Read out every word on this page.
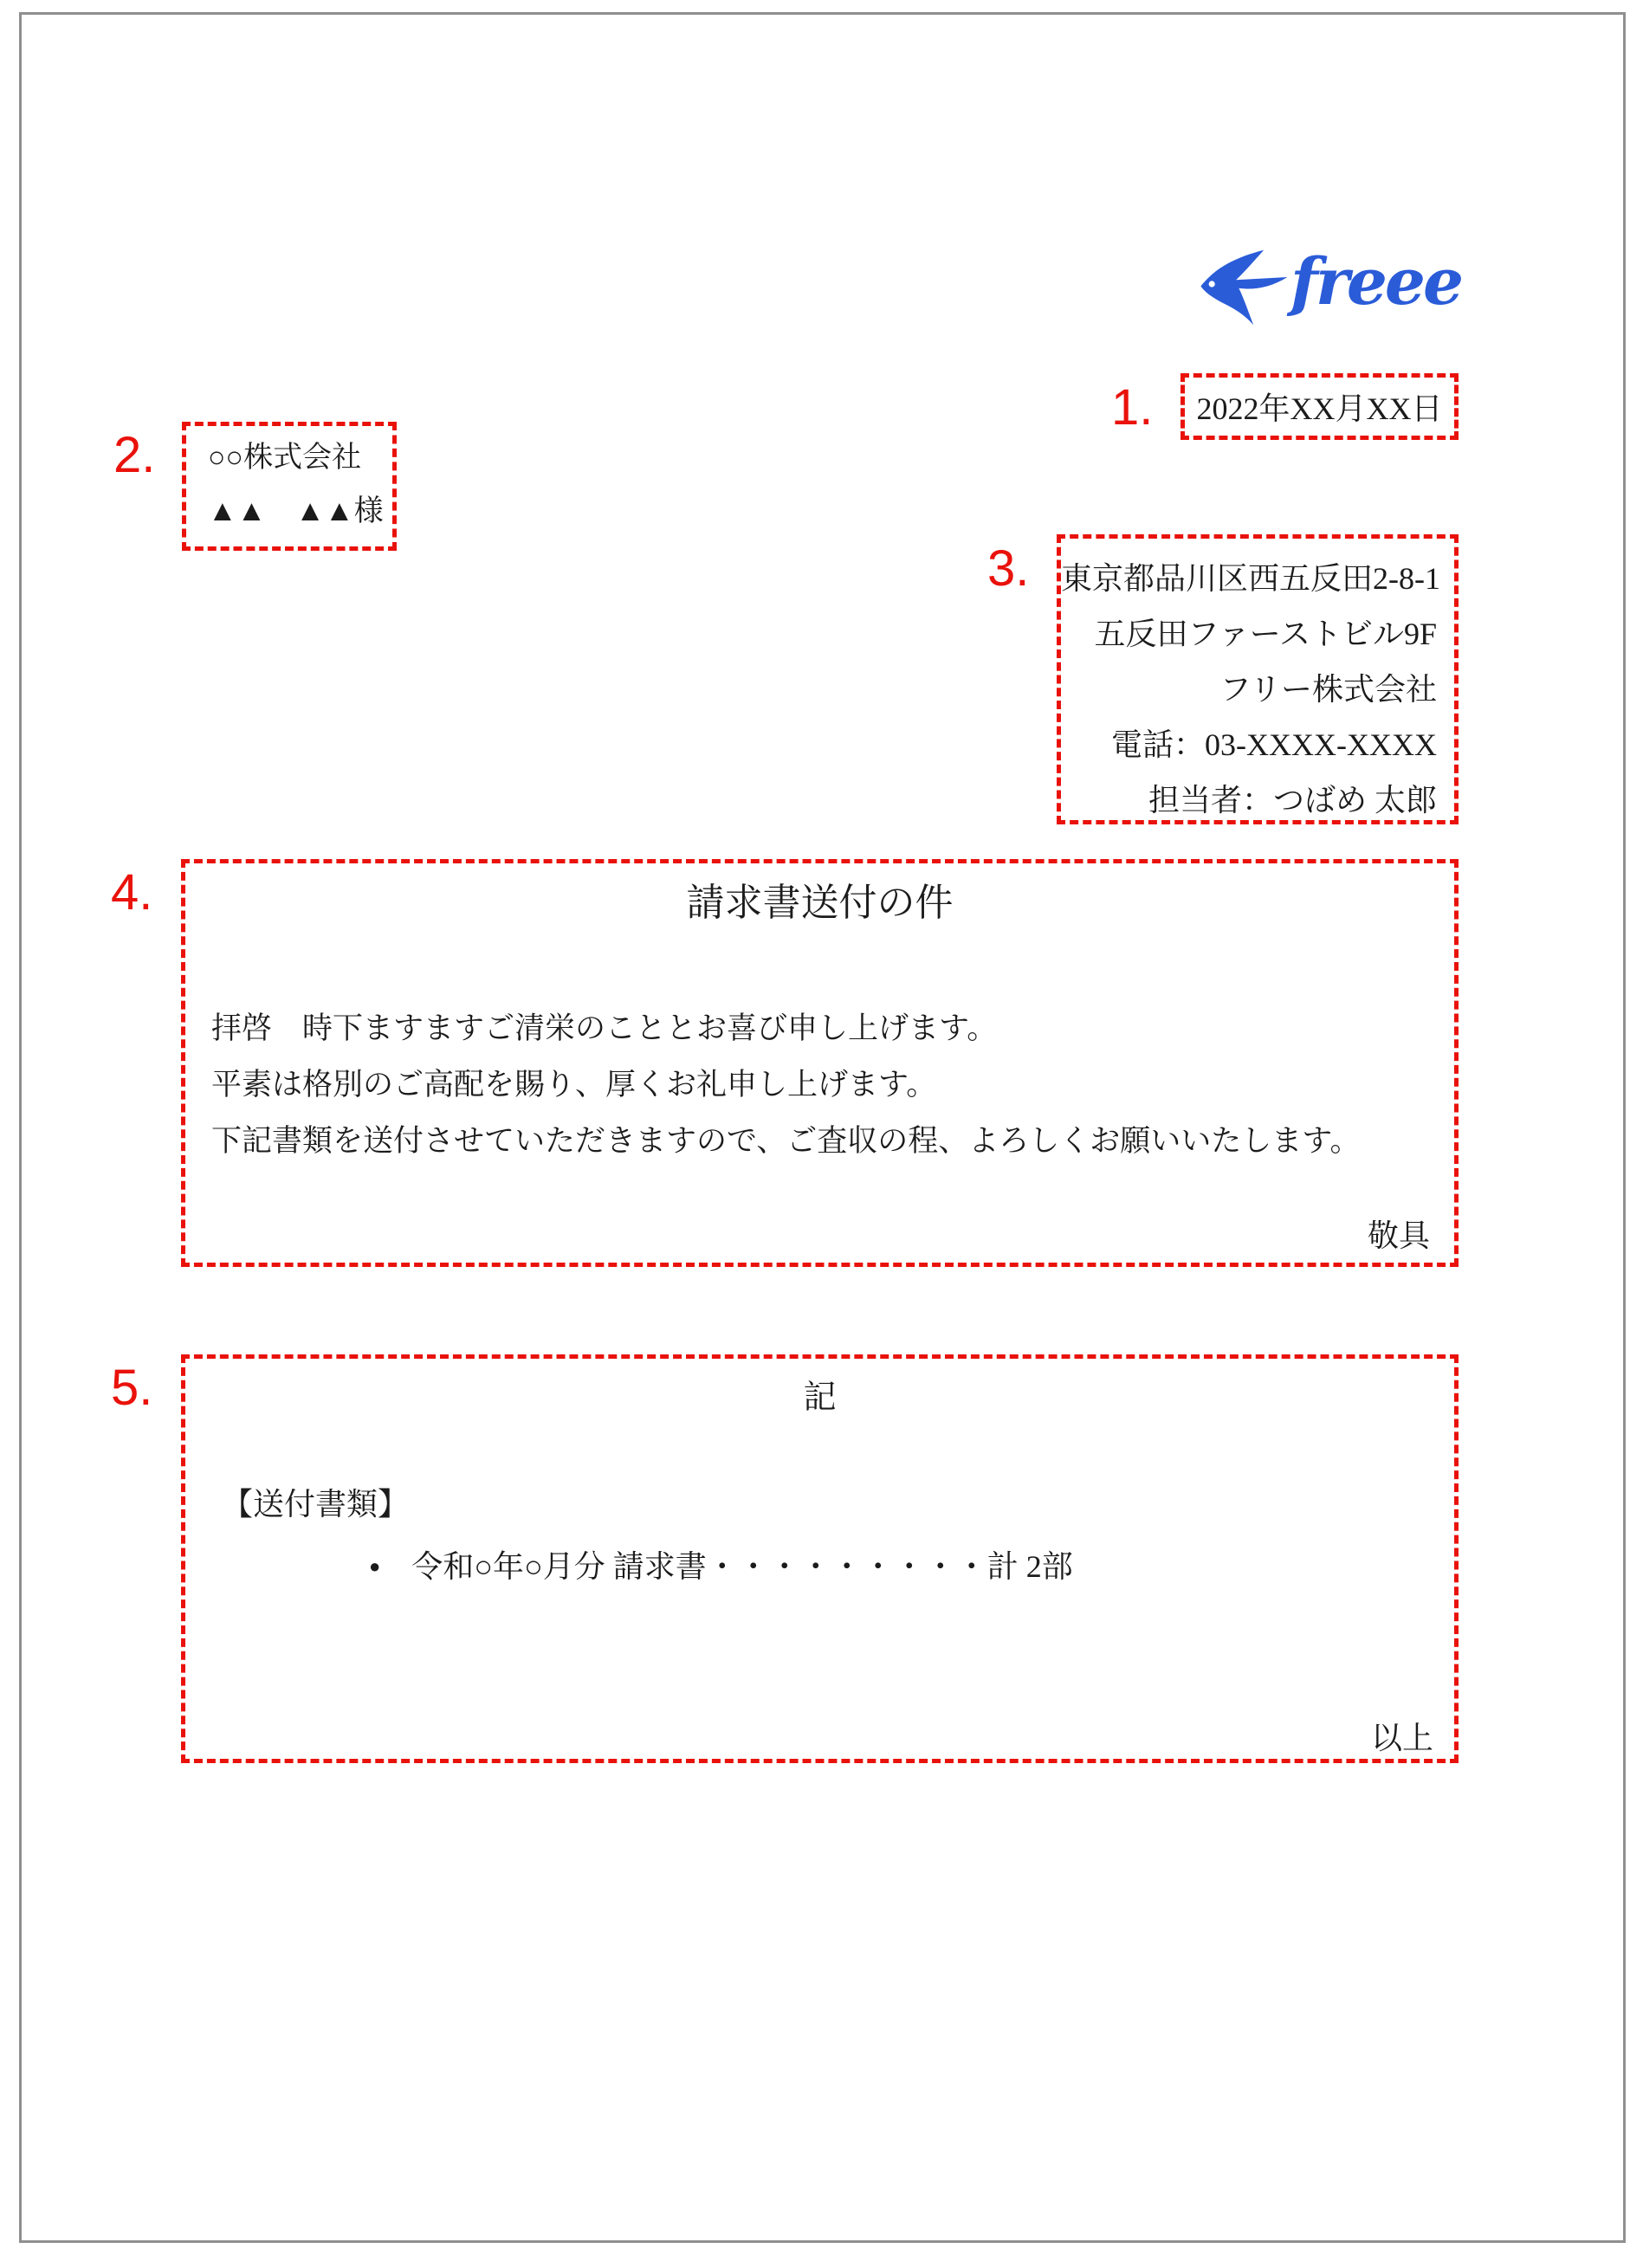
freee
1.
2.
3.
4.
5.
2022年XX月XX日
○○株式会社
▲▲　▲▲様
東京都品川区西五反田2-8-1
五反田ファーストビル9F
フリー株式会社
電話：03-XXXX-XXXX
担当者：つばめ 太郎
請求書送付の件

拝啓　時下ますますご清栄のこととお喜び申し上げます。

平素は格別のご高配を賜り、厚くお礼申し上げます。

下記書類を送付させていただきますので、ご査収の程、よろしくお願いいたします。

敬具
記
【送付書類】
● 令和○年○月分 請求書・・・・・・・・・計 2部
以上
